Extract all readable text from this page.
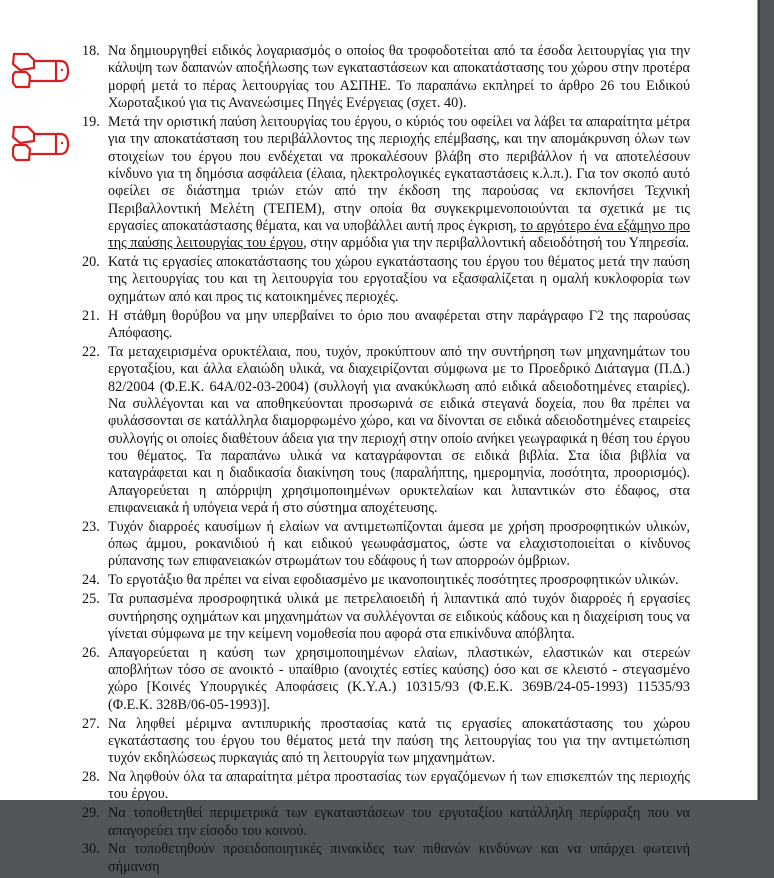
18. Να δημιουργηθεί ειδικός λογαριασμός ο οποίος θα τροφοδοτείται από τα έσοδα λειτουργίας για την κάλυψη των δαπανών αποξήλωσης των εγκαταστάσεων και αποκατάστασης του χώρου στην προτέρα μορφή μετά το πέρας λειτουργίας του ΑΣΠΗΕ. Το παραπάνω εκπληρεί το άρθρο 26 του Ειδικού Χωροταξικού για τις Ανανεώσιμες Πηγές Ενέργειας (σχετ. 40).

19. Μετά την οριστική παύση λειτουργίας του έργου, ο κύριός του οφείλει να λάβει τα απαραίτητα μέτρα για την αποκατάσταση του περιβάλλοντος της περιοχής επέμβασης, και την απομάκρυνση όλων των στοιχείων του έργου που ενδέχεται να προκαλέσουν βλάβη στο περιβάλλον ή να αποτελέσουν κίνδυνο για τη δημόσια ασφάλεια (έλαια, ηλεκτρολογικές εγκαταστάσεις κ.λ.π.). Για τον σκοπό αυτό οφείλει σε διάστημα τριών ετών από την έκδοση της παρούσας να εκπονήσει Τεχνική Περιβαλλοντική Μελέτη (ΤΕΠΕΜ), στην οποία θα συγκεκριμενοποιούνται τα σχετικά με τις εργασίες αποκατάστασης θέματα, και να υποβάλλει αυτή προς έγκριση, το αργότερο ένα εξάμηνο προ της παύσης λειτουργίας του έργου, στην αρμόδια για την περιβαλλοντική αδειοδότησή του Υπηρεσία.

20. Κατά τις εργασίες αποκατάστασης του χώρου εγκατάστασης του έργου του θέματος μετά την παύση της λειτουργίας του και τη λειτουργία του εργοταξίου να εξασφαλίζεται η ομαλή κυκλοφορία των οχημάτων από και προς τις κατοικημένες περιοχές.

21. Η στάθμη θορύβου να μην υπερβαίνει το όριο που αναφέρεται στην παράγραφο Γ2 της παρούσας Απόφασης.

22. Τα μεταχειρισμένα ορυκτέλαια, που, τυχόν, προκύπτουν από την συντήρηση των μηχανημάτων του εργοταξίου, και άλλα ελαιώδη υλικά, να διαχειρίζονται σύμφωνα με το Προεδρικό Διάταγμα (Π.Δ.) 82/2004 (Φ.Ε.Κ. 64Α/02-03-2004) (συλλογή για ανακύκλωση από ειδικά αδειοδοτημένες εταιρίες). Να συλλέγονται και να αποθηκεύονται προσωρινά σε ειδικά στεγανά δοχεία, που θα πρέπει να φυλάσσονται σε κατάλληλα διαμορφωμένο χώρο, και να δίνονται σε ειδικά αδειοδοτημένες εταιρείες συλλογής οι οποίες διαθέτουν άδεια για την περιοχή στην οποίο ανήκει γεωγραφικά η θέση του έργου του θέματος. Τα παραπάνω υλικά να καταγράφονται σε ειδικά βιβλία. Στα ίδια βιβλία να καταγράφεται και η διαδικασία διακίνηση τους (παραλήπτης, ημερομηνία, ποσότητα, προορισμός). Απαγορεύεται η απόρριψη χρησιμοποιημένων ορυκτελαίων και λιπαντικών στο έδαφος, στα επιφανειακά ή υπόγεια νερά ή στο σύστημα αποχέτευσης.

23. Τυχόν διαρροές καυσίμων ή ελαίων να αντιμετωπίζονται άμεσα με χρήση προσροφητικών υλικών, όπως άμμου, ροκανιδιού ή και ειδικού γεωυφάσματος, ώστε να ελαχιστοποιείται ο κίνδυνος ρύπανσης των επιφανειακών στρωμάτων του εδάφους ή των απορροών όμβριων.

24. Το εργοτάξιο θα πρέπει να είναι εφοδιασμένο με ικανοποιητικές ποσότητες προσροφητικών υλικών.

25. Τα ρυπασμένα προσροφητικά υλικά με πετρελαιοειδή ή λιπαντικά από τυχόν διαρροές ή εργασίες συντήρησης οχημάτων και μηχανημάτων να συλλέγονται σε ειδικούς κάδους και η διαχείριση τους να γίνεται σύμφωνα με την κείμενη νομοθεσία που αφορά στα επικίνδυνα απόβλητα.

26. Απαγορεύεται η καύση των χρησιμοποιημένων ελαίων, πλαστικών, ελαστικών και στερεών αποβλήτων τόσο σε ανοικτό - υπαίθριο (ανοιχτές εστίες καύσης) όσο και σε κλειστό - στεγασμένο χώρο [Κοινές Υπουργικές Αποφάσεις (Κ.Υ.Α.) 10315/93 (Φ.Ε.Κ. 369Β/24-05-1993) 11535/93 (Φ.Ε.Κ. 328Β/06-05-1993)].

27. Να ληφθεί μέριμνα αντιπυρικής προστασίας κατά τις εργασίες αποκατάστασης του χώρου εγκατάστασης του έργου του θέματος μετά την παύση της λειτουργίας του για την αντιμετώπιση τυχόν εκδηλώσεως πυρκαγιάς από τη λειτουργία των μηχανημάτων.

28. Να ληφθούν όλα τα απαραίτητα μέτρα προστασίας των εργαζόμενων ή των επισκεπτών της περιοχής του έργου.

29. Να τοποθετηθεί περιμετρικά των εγκαταστάσεων του εργοταξίου κατάλληλη περίφραξη που να απαγορεύει την είσοδο του κοινού.

30. Να τοποθετηθούν προειδοποιητικές πινακίδες των πιθανών κινδύνων και να υπάρχει φωτεινή σήμανση
